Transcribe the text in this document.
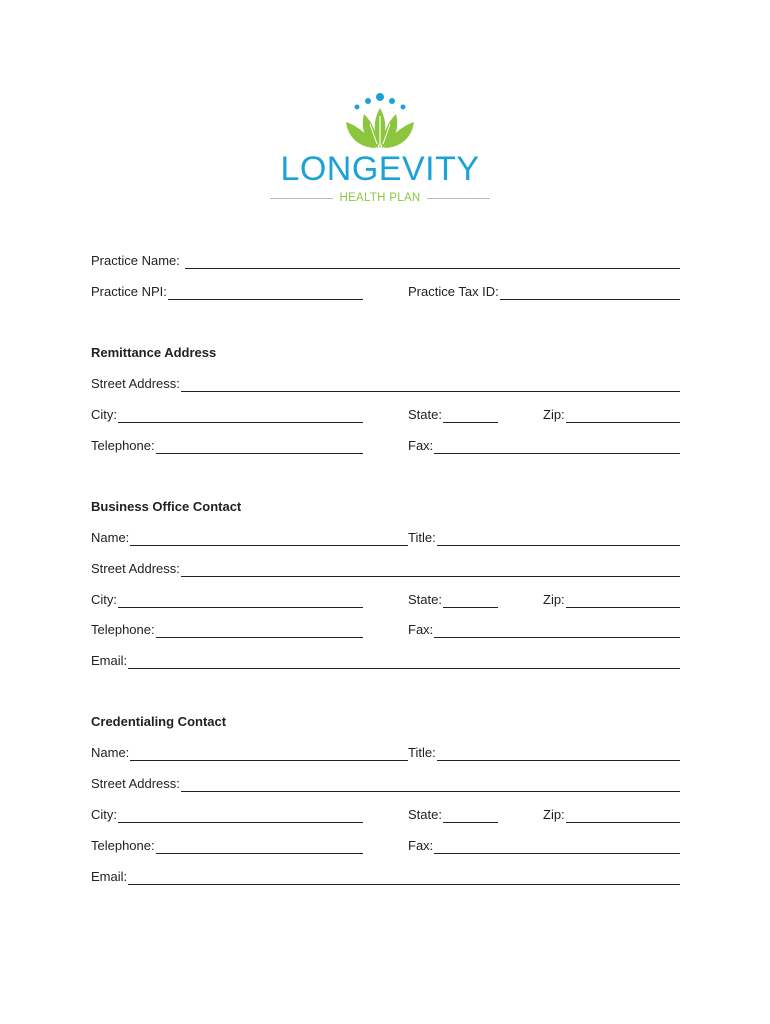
LONGEVITY
HEALTH PLAN
Practice Name:
Practice NPI:	Practice Tax ID:
Remittance Address
Street Address:
City:	State:	Zip:
Telephone:	Fax:
Business Office Contact
Name:	Title:
Street Address:
City:	State:	Zip:
Telephone:	Fax:
Email:
Credentialing Contact
Name:	Title:
Street Address:
City:	State:	Zip:
Telephone:	Fax:
Email:
